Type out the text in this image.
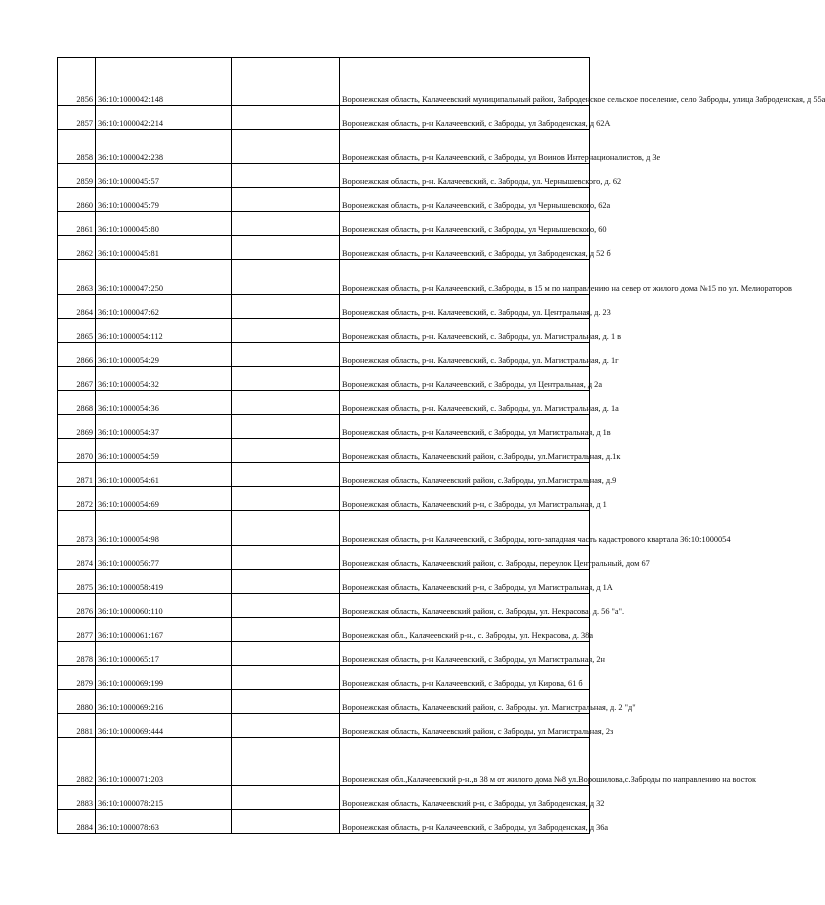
2856	36:10:1000042:148		Воронежская область, Калачеевский муниципальный район, Заброденское сельское поселение, село Заброды, улица Заброденская, д 55а
2857	36:10:1000042:214		Воронежская область, р-н Калачеевский, с Заброды, ул Заброденская, д 62А
2858	36:10:1000042:238		Воронежская область, р-н Калачеевский, с Заброды, ул Воинов Интернационалистов, д 3е
2859	36:10:1000045:57		Воронежская область, р-н. Калачеевский, с. Заброды, ул. Чернышевского, д. 62
2860	36:10:1000045:79		Воронежская область, р-н Калачеевский, с Заброды, ул Чернышевского, 62а
2861	36:10:1000045:80		Воронежская область, р-н Калачеевский, с Заброды, ул Чернышевского, 60
2862	36:10:1000045:81		Воронежская область, р-н Калачеевский, с Заброды, ул Заброденская, д 52 б
2863	36:10:1000047:250		Воронежская область, р-н Калачеевский, с.Заброды, в 15 м по направлению на север от жилого дома №15 по ул. Мелиораторов
2864	36:10:1000047:62		Воронежская область, р-н. Калачеевский, с. Заброды, ул. Центральная, д. 23
2865	36:10:1000054:112		Воронежская область, р-н. Калачеевский, с. Заброды, ул. Магистральная, д. 1 в
2866	36:10:1000054:29		Воронежская область, р-н. Калачеевский, с. Заброды, ул. Магистральная, д. 1г
2867	36:10:1000054:32		Воронежская область, р-н Калачеевский, с Заброды, ул Центральная, д 2а
2868	36:10:1000054:36		Воронежская область, р-н. Калачеевский, с. Заброды, ул. Магистральная, д. 1а
2869	36:10:1000054:37		Воронежская область, р-н Калачеевский, с Заброды, ул Магистральная, д 1в
2870	36:10:1000054:59		Воронежская область, Калачеевский район, с.Заброды, ул.Магистральная, д.1к
2871	36:10:1000054:61		Воронежская область, Калачеевский район, с.Заброды, ул.Магистральная, д.9
2872	36:10:1000054:69		Воронежская область, Калачеевский р-н, с Заброды, ул Магистральная, д 1
2873	36:10:1000054:98		Воронежская область, р-н Калачеевский, с Заброды, юго-западная часть кадастрового квартала 36:10:1000054
2874	36:10:1000056:77		Воронежская область, Калачеевский район, с. Заброды, переулок Центральный, дом 67
2875	36:10:1000058:419		Воронежская область, Калачеевский р-н, с Заброды, ул Магистральная, д 1А
2876	36:10:1000060:110		Воронежская область, Калачеевский район, с. Заброды, ул. Некрасова, д. 56 "а".
2877	36:10:1000061:167		Воронежская обл., Калачеевский р-н., с. Заброды, ул. Некрасова, д. 38а
2878	36:10:1000065:17		Воронежская область, р-н Калачеевский, с Заброды, ул Магистральная, 2н
2879	36:10:1000069:199		Воронежская область, р-н Калачеевский, с Заброды, ул Кирова, 61 б
2880	36:10:1000069:216		Воронежская область, Калачеевский район, с. Заброды. ул. Магистральная, д. 2 "д"
2881	36:10:1000069:444		Воронежская область, Калачеевский район, с Заброды, ул Магистральная, 2з
2882	36:10:1000071:203		Воронежская обл.,Калачеевский р-н.,в 38 м от жилого дома №8 ул.Ворошилова,с.Заброды по направлению на восток
2883	36:10:1000078:215		Воронежская область, Калачеевский р-н, с Заброды, ул Заброденская, д 32
2884	36:10:1000078:63		Воронежская область, р-н Калачеевский, с Заброды, ул Заброденская, д 36а
